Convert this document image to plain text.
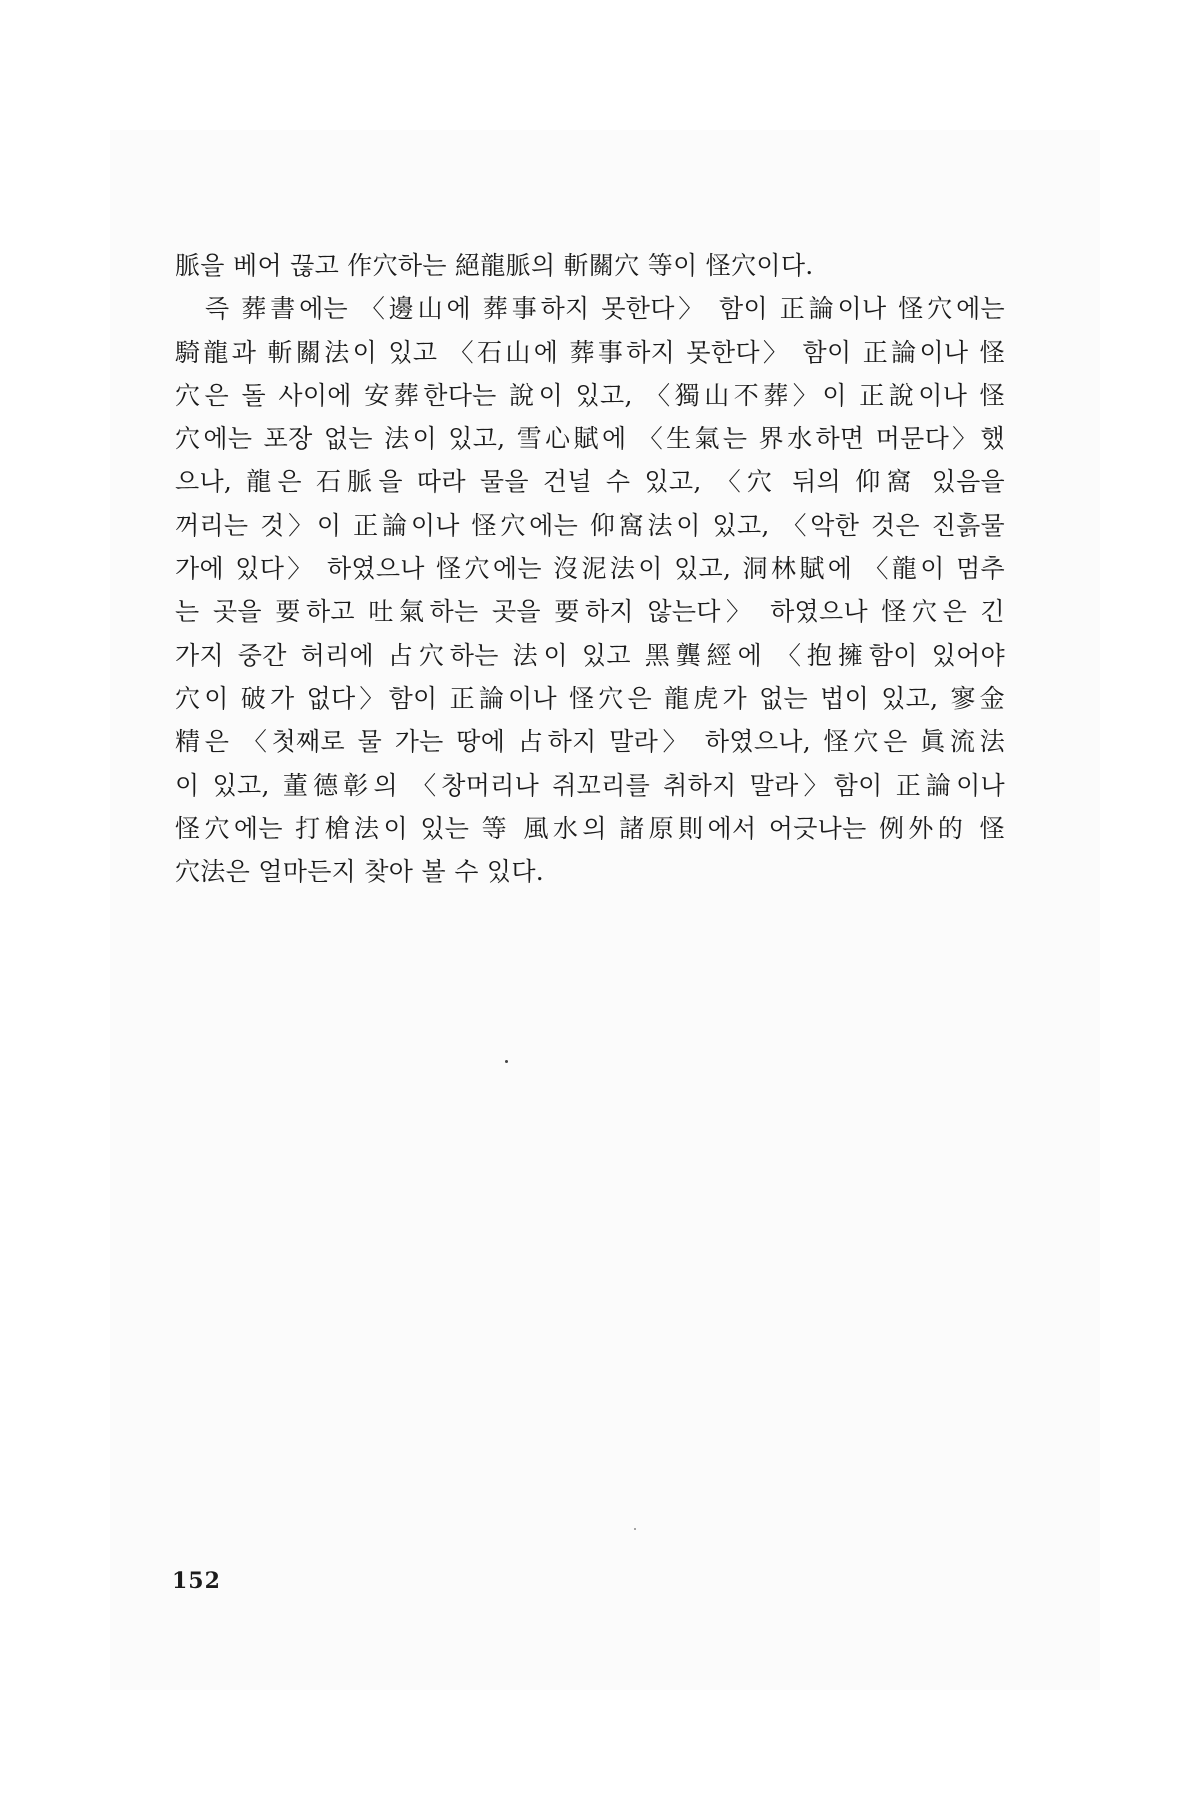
脈을 베어 끊고 作穴하는 絕龍脈의 斬關穴 等이 怪穴이다.
즉 葬書에는 〈邊山에 葬事하지 못한다〉 함이 正論이나 怪穴에는
騎龍과 斬關法이 있고 〈石山에 葬事하지 못한다〉 함이 正論이나 怪
穴은 돌 사이에 安葬한다는 說이 있고, 〈獨山不葬〉이 正說이나 怪
穴에는 포장 없는 法이 있고, 雪心賦에 〈生氣는 界水하면 머문다〉했
으나, 龍은 石脈을 따라 물을 건널 수 있고, 〈穴 뒤의 仰窩 있음을
꺼리는 것〉이 正論이나 怪穴에는 仰窩法이 있고, 〈악한 것은 진흙물
가에 있다〉 하였으나 怪穴에는 沒泥法이 있고, 洞林賦에 〈龍이 멈추
는 곳을 要하고 吐氣하는 곳을 要하지 않는다〉 하였으나 怪穴은 긴
가지 중간 허리에 占穴하는 法이 있고 黑龔經에 〈抱擁함이 있어야
穴이 破가 없다〉함이 正論이나 怪穴은 龍虎가 없는 법이 있고, 寥金
精은 〈첫째로 물 가는 땅에 占하지 말라〉 하였으나, 怪穴은 眞流法
이 있고, 董德彰의 〈창머리나 쥐꼬리를 취하지 말라〉함이 正論이나
怪穴에는 打槍法이 있는 等 風水의 諸原則에서 어긋나는 例外的 怪
穴法은 얼마든지 찾아 볼 수 있다.
152
